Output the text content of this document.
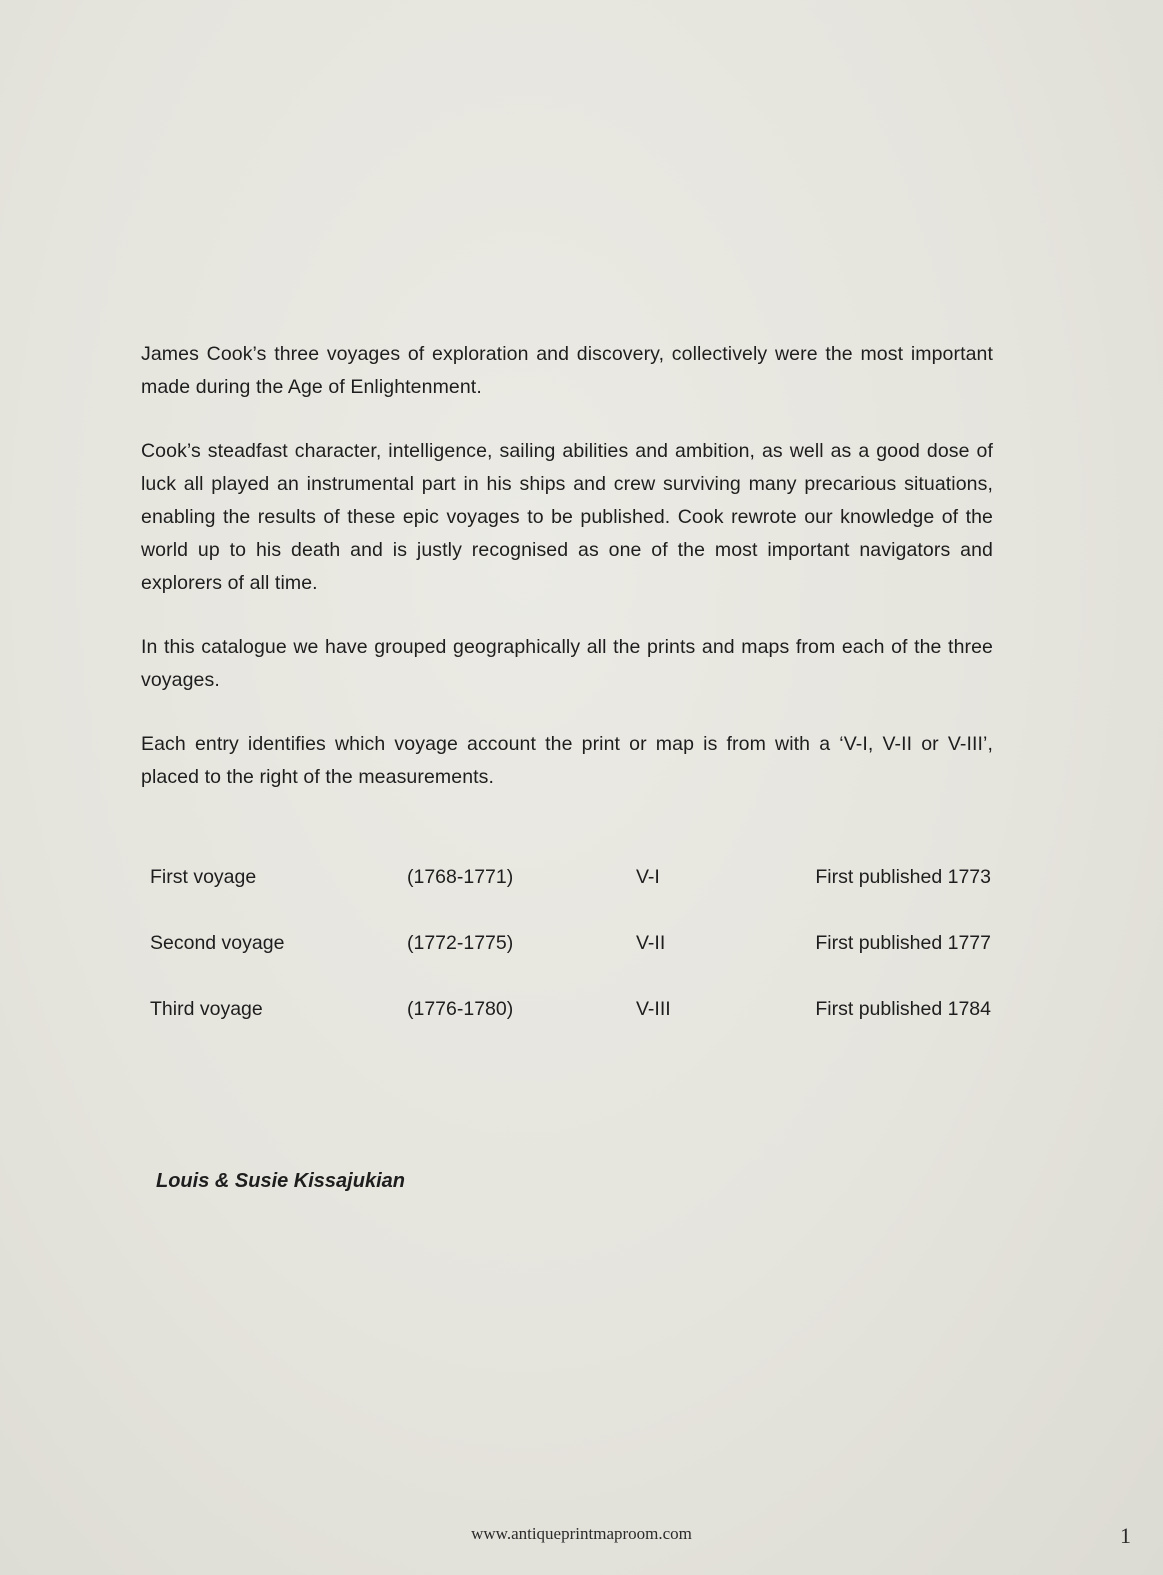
James Cook’s three voyages of exploration and discovery, collectively were the most important made during the Age of Enlightenment.

Cook’s steadfast character, intelligence, sailing abilities and ambition, as well as a good dose of luck all played an instrumental part in his ships and crew surviving many precarious situations, enabling the results of these epic voyages to be published. Cook rewrote our knowledge of the world up to his death and is justly recognised as one of the most important navigators and explorers of all time.

In this catalogue we have grouped geographically all the prints and maps from each of the three voyages.

Each entry identifies which voyage account the print or map is from with a ‘V-I, V-II or V-III’, placed to the right of the measurements.

First voyage	(1768-1771)	V-I	First published 1773
Second voyage	(1772-1775)	V-II	First published 1777
Third voyage	(1776-1780)	V-III	First published 1784

Louis & Susie Kissajukian

www.antiqueprintmaproom.com	1
